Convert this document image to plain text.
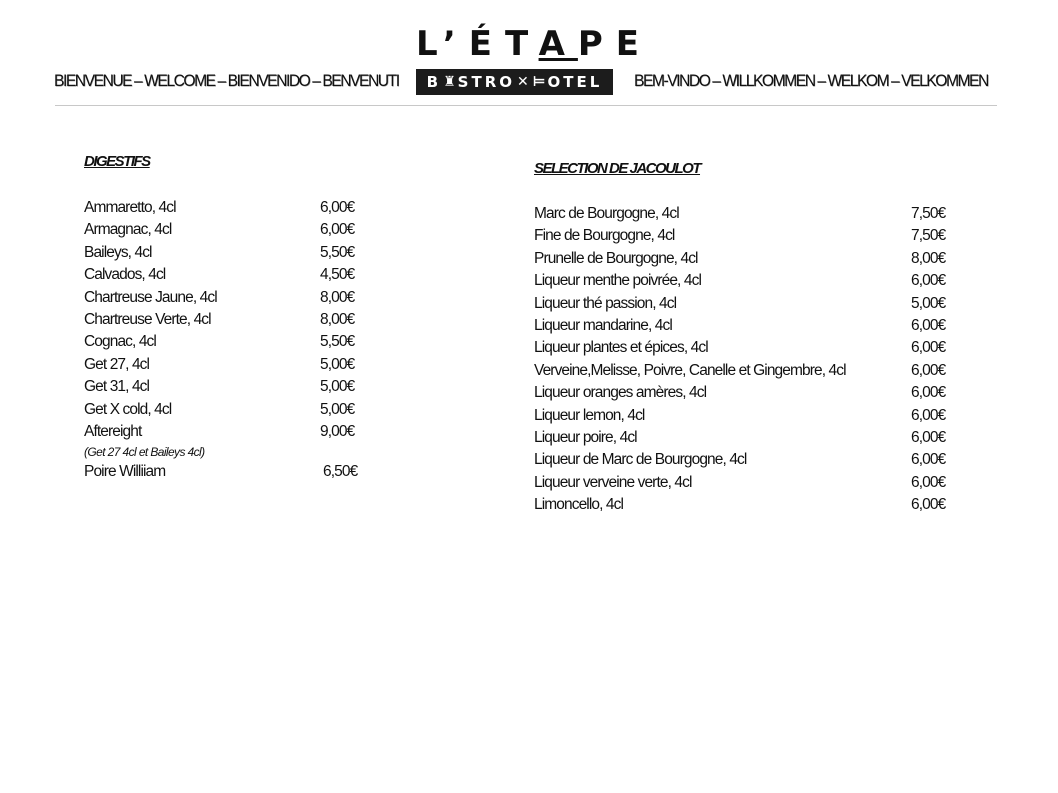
L’ÉTAPE
B ♜ STRO ✕ ⊨ OTEL
BIENVENUE – WELCOME – BIENVENIDO – BENVENUTI	BEM-VINDO – WILLKOMMEN – WELKOM – VELKOMMEN
DIGESTIFS
Ammaretto, 4cl	6,00€
Armagnac, 4cl	6,00€
Baileys, 4cl	5,50€
Calvados, 4cl	4,50€
Chartreuse Jaune, 4cl	8,00€
Chartreuse Verte, 4cl	8,00€
Cognac, 4cl	5,50€
Get 27, 4cl	5,00€
Get 31, 4cl	5,00€
Get X cold, 4cl	5,00€
Aftereight	9,00€
(Get 27 4cl et Baileys 4cl)
Poire Williiam	6,50€
SELECTION DE JACOULOT
Marc de Bourgogne, 4cl	7,50€
Fine de Bourgogne, 4cl	7,50€
Prunelle de Bourgogne, 4cl	8,00€
Liqueur menthe poivrée, 4cl	6,00€
Liqueur thé passion, 4cl	5,00€
Liqueur mandarine, 4cl	6,00€
Liqueur plantes et épices, 4cl	6,00€
Verveine,Melisse, Poivre, Canelle et Gingembre, 4cl	6,00€
Liqueur oranges amères, 4cl	6,00€
Liqueur lemon, 4cl	6,00€
Liqueur poire, 4cl	6,00€
Liqueur de Marc de Bourgogne, 4cl	6,00€
Liqueur verveine verte, 4cl	6,00€
Limoncello, 4cl	6,00€
